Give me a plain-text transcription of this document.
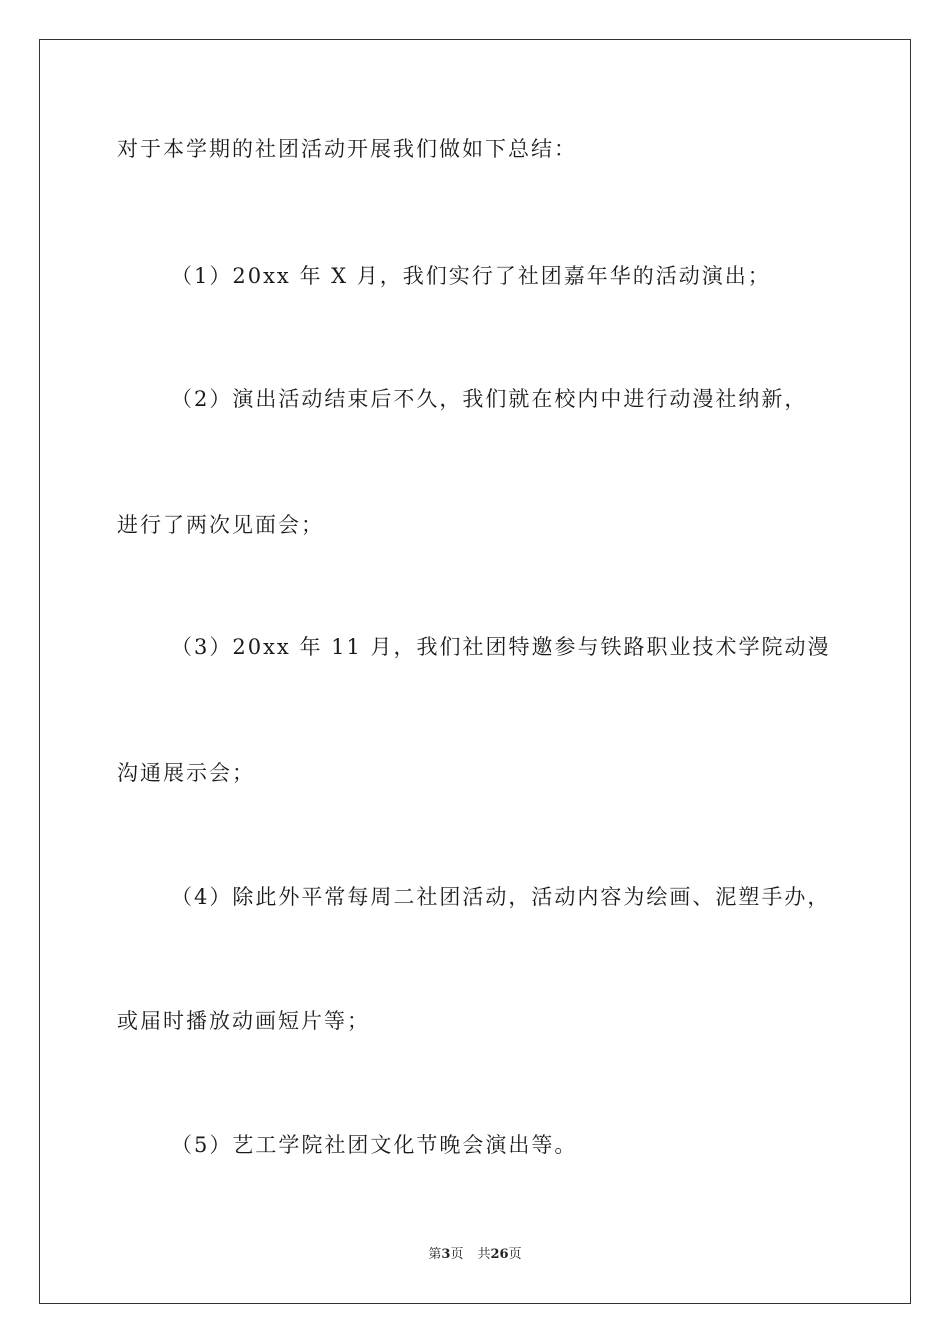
对于本学期的社团活动开展我们做如下总结：
（1）20xx 年 X 月，我们实行了社团嘉年华的活动演出；
（2）演出活动结束后不久，我们就在校内中进行动漫社纳新，
进行了两次见面会；
（3）20xx 年 11 月，我们社团特邀参与铁路职业技术学院动漫
沟通展示会；
（4）除此外平常每周二社团活动，活动内容为绘画、泥塑手办，
或届时播放动画短片等；
（5）艺工学院社团文化节晚会演出等。
第3页 共26页
